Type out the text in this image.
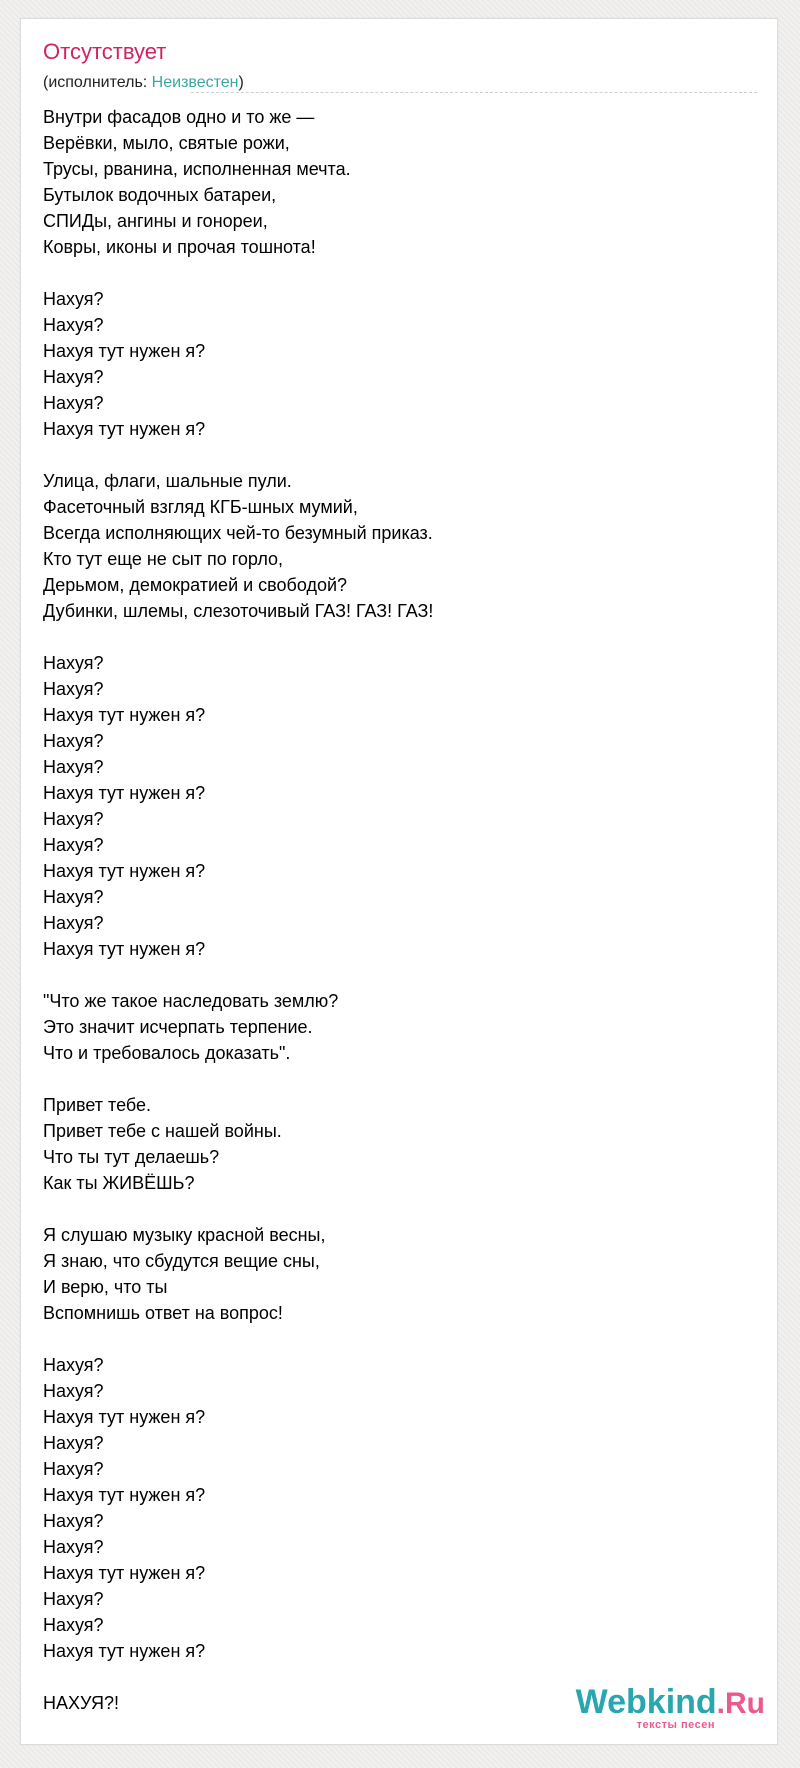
Отсутствует
(исполнитель: Неизвестен)
Внутри фасадов одно и то же —
Верёвки, мыло, святые рожи,
Трусы, рванина, исполненная мечта.
Бутылок водочных батареи,
СПИДы, ангины и гонореи,
Ковры, иконы и прочая тошнота!
Нахуя?
Нахуя?
Нахуя тут нужен я?
Нахуя?
Нахуя?
Нахуя тут нужен я?
Улица, флаги, шальные пули.
Фасеточный взгляд КГБ-шных мумий,
Всегда исполняющих чей-то безумный приказ.
Кто тут еще не сыт по горло,
Дерьмом, демократией и свободой?
Дубинки, шлемы, слезоточивый ГАЗ! ГАЗ! ГАЗ!
Нахуя?
Нахуя?
Нахуя тут нужен я?
Нахуя?
Нахуя?
Нахуя тут нужен я?
Нахуя?
Нахуя?
Нахуя тут нужен я?
Нахуя?
Нахуя?
Нахуя тут нужен я?
"Что же такое наследовать землю?
Это значит исчерпать терпение.
Что и требовалось доказать".
Привет тебе.
Привет тебе с нашей войны.
Что ты тут делаешь?
Как ты ЖИВЁШЬ?
Я слушаю музыку красной весны,
Я знаю, что сбудутся вещие сны,
И верю, что ты
Вспомнишь ответ на вопрос!
Нахуя?
Нахуя?
Нахуя тут нужен я?
Нахуя?
Нахуя?
Нахуя тут нужен я?
Нахуя?
Нахуя?
Нахуя тут нужен я?
Нахуя?
Нахуя?
Нахуя тут нужен я?
НАХУЯ?!	Webkind.Ru
тексты песен
